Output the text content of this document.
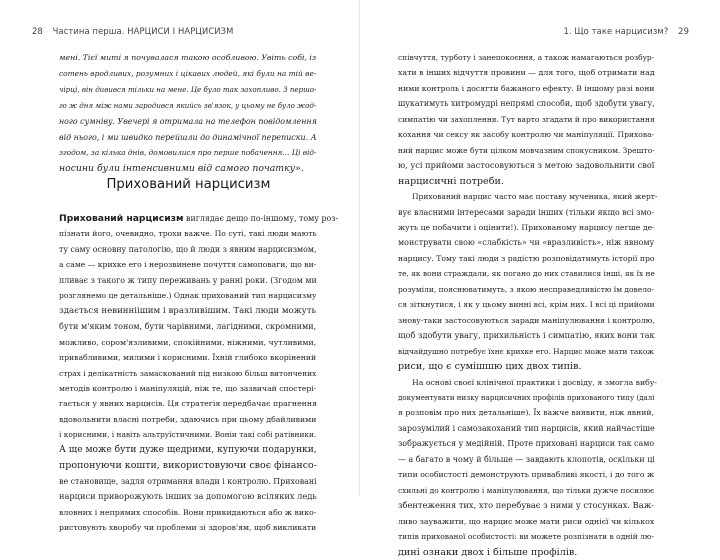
28 Частина перша. НАРЦИСИ І НАРЦИСИЗМ
мені. Тієї миті я почувалася такою особливою. Увіть собі, із
сотень вродливих, розумних і цікавих людей, які були на тій ве-
чірці, він дивився тільки на мене. Це було так захопливо. З першо-
го ж дня між нами зародився якийсь зв'язок, у цьому не було жод-
ного сумніву. Увечері я отримала на телефон повідомлення
від нього, і ми швидко перейшли до динамічної переписки. А
згодом, за кілька днів, домовилися про перше побачення... Ці від-
носини були інтенсивними від самого початку».
Прихований нарцисизм
Прихований нарцисизм виглядає дещо по-іншому, тому роз-
пізнати його, очевидно, трохи важче. По суті, такі люди мають
ту саму основну патологію, що й люди з явним нарцисизмом,
а саме — крихке его і нерозвинене почуття самоповаги, що ви-
пливає з такого ж типу переживань у ранні роки. (Згодом ми
розглянемо це детальніше.) Однак прихований тип нарцисизму
здається невинніішим і вразливішим. Такі люди можуть
бути м'яким тоном, бути чарівними, лагідними, скромними,
можливо, сором'язливими, спокійними, ніжними, чутливими,
привабливими, милими і корисними. Їхній глибоко вкорінений
страх і делікатність замаскований під низкою більш витончених
методів контролю і маніпуляцій, ніж те, що зазвичай спостері-
гається у явних нарцисів. Ця стратегія передбачає прагнення
вдовольнити власні потреби, здаючись при цьому дбайливими
і корисними, і навіть альтруїстичними. Воніи такі собі ратівники.
А ще може бути дуже щедрими, купуючи подарунки,
пропонуючи кошти, використовуючи своє фінансо-
ве становище, задля отримання влади і контролю. Приховані
нарциси приворожують інших за допомогою всіляких ледь
вловних і непрямих способів. Вони прикидаються або ж вико-
ристовують хворобу чи проблеми зі здоров'ям, щоб викликати
1. Що таке нарцисизм? 29
співчуття, турботу і занепокоєння, а також намагаються розбур-
хати в інших відчуття провини — для того, щоб отримати над
ними контроль і досягти бажаного ефекту. В іншому разі вони
шукатимуть хитромудрі непрямі способи, щоб здобути увагу,
симпатію чи захоплення. Тут варто згадати й про використання
кохання чи сексу як засобу контролю чи маніпуляції. Прихова-
ний нарцис може бути цілком мовчазним спокусником. Зрешто-
ю, усі прийоми застосовуються з метою задовольнити свої
нарцисичні потреби.
Прихований нарцис часто має поставу мученика, який жерт-
вує власними інтересами заради інших (тільки якщо всі змо-
жуть це побачити і оцінити!). Прихованому нарцису легше де-
монструвати свою «слабкість» чи «вразливість», ніж явному
нарцису. Тому такі люди з радістю розповідатимуть історії про
те, як вони страждали, як погано до них ставилися інші, як їх не
розуміли, пояснюватимуть, з якою несправедливістю їм довело-
ся зіткнутися, і як у цьому винні всі, крім них. І всі ці прийоми
знову-таки застосовуються заради маніпулювання і контролю,
щоб здобути увагу, прихильність і симпатію, яких вони так
відчайдушно потребує їхнє крихке его. Нарцис може мати також
риси, що є сумішшю цих двох типів.
На основі своєї клінічної практики і досвіду, я змогла вибу-
документувати низку нарцисичних профілів прихованого типу (далі
я розповім про них детальніше). Їх важче виявити, ніж явний,
зарозумілий і самозакоханий тип нарцисів, який найчастіше
зображується у медійній. Проте приховані нарциси так само
— а багато в чому й більше — завдають клопотів, оскільки ці
типи особистості демонструють привабливі якості, і до того ж
схильні до контролю і маніпулювання, що тільки дужче посилює
збентеження тих, хто перебуває з ними у стосунках. Важ-
ливо зауважити, що нарцис може мати риси однієї чи кількох
типів прихованої особистості: ви можете розпізнати в одній лю-
дині ознаки двох і більше профілів.
